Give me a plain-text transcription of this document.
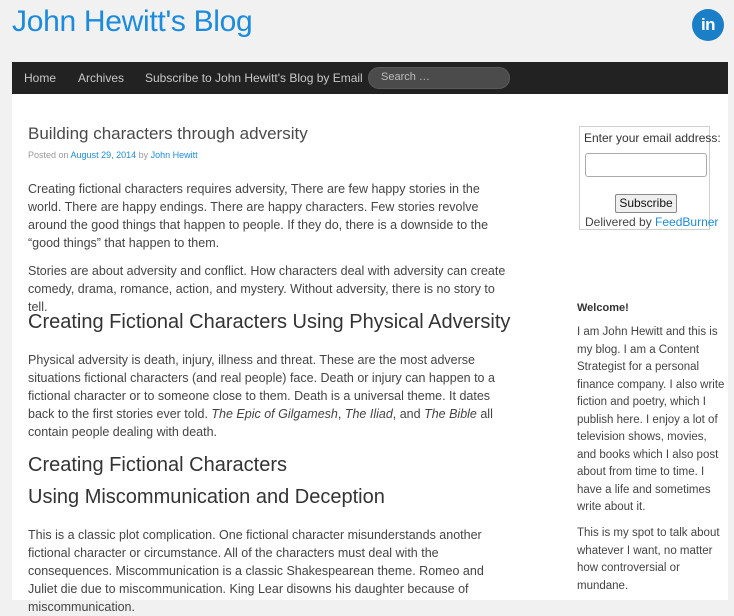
John Hewitt's Blog	in
Home Archives Subscribe to John Hewitt's Blog by Email Search …
Building characters through adversity
Posted on August 29, 2014 by John Hewitt

Creating fictional characters requires adversity, There are few happy stories in the world. There are happy endings. There are happy characters. Few stories revolve around the good things that happen to people. If they do, there is a downside to the “good things” that happen to them.

Stories are about adversity and conflict. How characters deal with adversity can create comedy, drama, romance, action, and mystery. Without adversity, there is no story to tell.

Creating Fictional Characters Using Physical Adversity

Physical adversity is death, injury, illness and threat. These are the most adverse situations fictional characters (and real people) face. Death or injury can happen to a fictional character or to someone close to them. Death is a universal theme. It dates back to the first stories ever told. The Epic of Gilgamesh, The Iliad, and The Bible all contain people dealing with death.

Creating Fictional Characters
Using Miscommunication and Deception

This is a classic plot complication. One fictional character misunderstands another fictional character or circumstance. All of the characters must deal with the consequences. Miscommunication is a classic Shakespearean theme. Romeo and Juliet die due to miscommunication. King Lear disowns his daughter because of miscommunication.

Enter your email address:
Subscribe
Delivered by FeedBurner
Welcome!

I am John Hewitt and this is my blog. I am a Content Strategist for a personal finance company. I also write fiction and poetry, which I publish here. I enjoy a lot of television shows, movies, and books which I also post about from time to time. I have a life and sometimes write about it.

This is my spot to talk about whatever I want, no matter how controversial or mundane.
